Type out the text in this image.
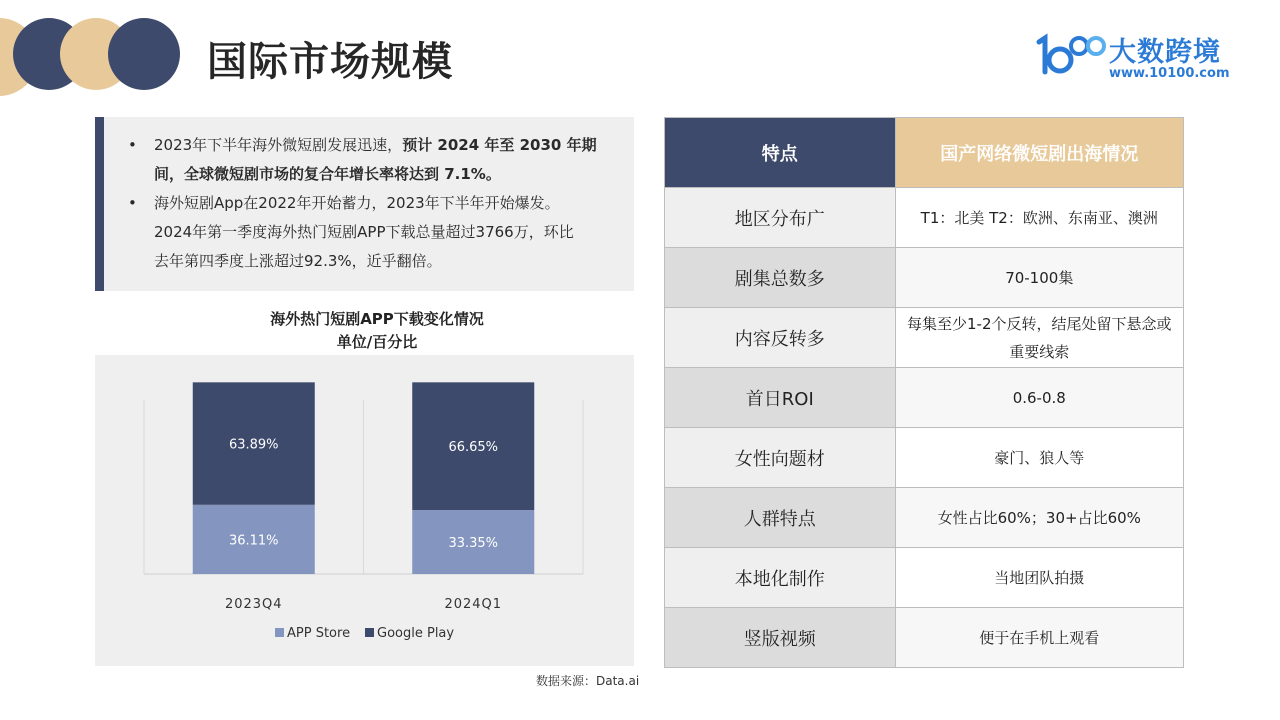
国际市场规模	大数跨境
www.10100.com
• 2023年下半年海外微短剧发展迅速，预计 2024 年至 2030 年期
间，全球微短剧市场的复合年增长率将达到 7.1%。
• 海外短剧App在2022年开始蓄力，2023年下半年开始爆发。
2024年第一季度海外热门短剧APP下载总量超过3766万，环比
去年第四季度上涨超过92.3%，近乎翻倍。
海外热门短剧APP下载变化情况
单位/百分比
36.11%
63.89%
2023Q4
33.35%
66.65%
2024Q1
APP Store Google Play
数据来源：Data.ai
特点	国产网络微短剧出海情况
地区分布广	T1：北美 T2：欧洲、东南亚、澳洲
剧集总数多	70-100集
内容反转多	每集至少1-2个反转，结尾处留下悬念或重要线索
首日ROI	0.6-0.8
女性向题材	豪门、狼人等
人群特点	女性占比60%；30+占比60%
本地化制作	当地团队拍摄
竖版视频	便于在手机上观看
